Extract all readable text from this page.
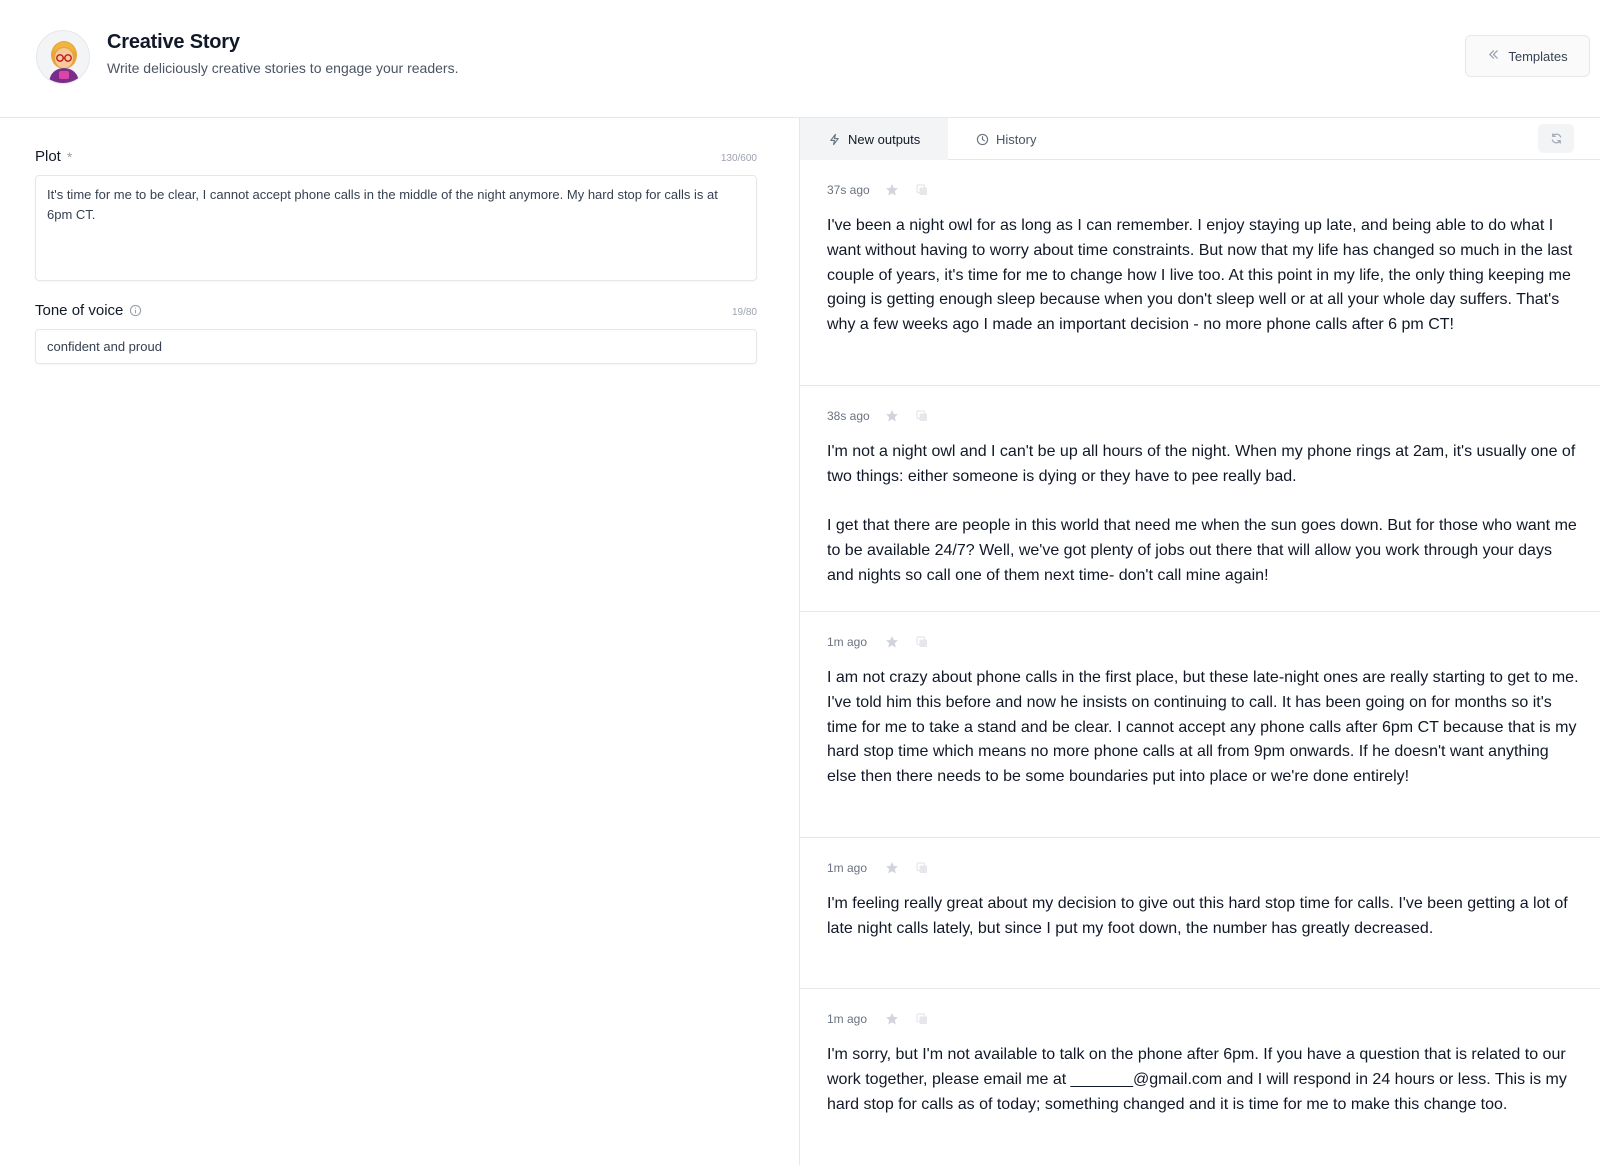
Creative Story
Write deliciously creative stories to engage your readers.
Templates
Plot *	130/600
It's time for me to be clear, I cannot accept phone calls in the middle of the night anymore. My hard stop for calls is at 6pm CT.
Tone of voice	19/80
confident and proud
New outputs	History
37s ago
I've been a night owl for as long as I can remember. I enjoy staying up late, and being able to do what I want without having to worry about time constraints. But now that my life has changed so much in the last couple of years, it's time for me to change how I live too. At this point in my life, the only thing keeping me going is getting enough sleep because when you don't sleep well or at all your whole day suffers. That's why a few weeks ago I made an important decision - no more phone calls after 6 pm CT!
38s ago
I'm not a night owl and I can't be up all hours of the night. When my phone rings at 2am, it's usually one of two things: either someone is dying or they have to pee really bad.

I get that there are people in this world that need me when the sun goes down. But for those who want me to be available 24/7? Well, we've got plenty of jobs out there that will allow you work through your days and nights so call one of them next time- don't call mine again!
1m ago
I am not crazy about phone calls in the first place, but these late-night ones are really starting to get to me. I've told him this before and now he insists on continuing to call. It has been going on for months so it's time for me to take a stand and be clear. I cannot accept any phone calls after 6pm CT because that is my hard stop time which means no more phone calls at all from 9pm onwards. If he doesn't want anything else then there needs to be some boundaries put into place or we're done entirely!
1m ago
I'm feeling really great about my decision to give out this hard stop time for calls. I've been getting a lot of late night calls lately, but since I put my foot down, the number has greatly decreased.
1m ago
I'm sorry, but I'm not available to talk on the phone after 6pm. If you have a question that is related to our work together, please email me at _______@gmail.com and I will respond in 24 hours or less. This is my hard stop for calls as of today; something changed and it is time for me to make this change too.
